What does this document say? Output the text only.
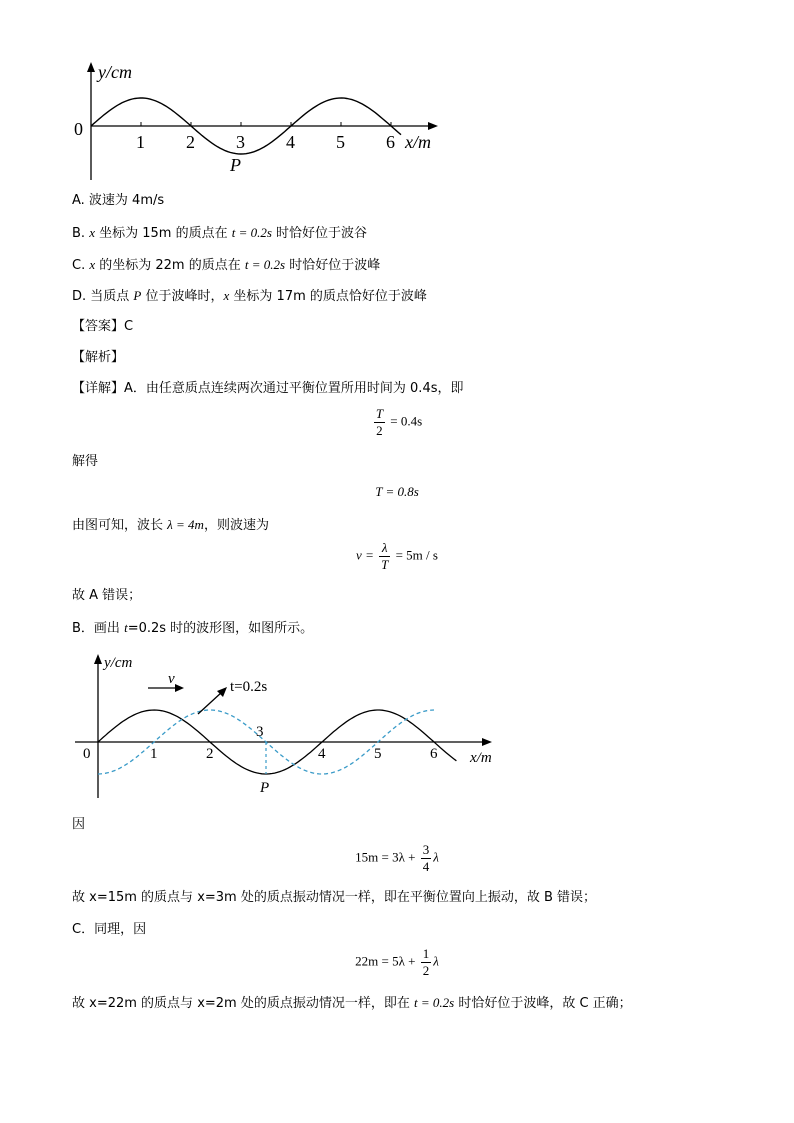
y/cm
0
1 2 3 4 5 6 x/m
P
A. 波速为 4m/s
B. x 坐标为 15m 的质点在 t = 0.2s 时恰好位于波谷
C. x 的坐标为 22m 的质点在 t = 0.2s 时恰好位于波峰
D. 当质点 P 位于波峰时，x 坐标为 17m 的质点恰好位于波峰
【答案】C
【解析】
【详解】A．由任意质点连续两次通过平衡位置所用时间为 0.4s，即
$\frac{T}{2} = 0.4s$
解得
T = 0.8s
由图可知，波长 λ = 4m，则波速为
$v = \frac{\lambda}{T} = 5m / s$
故 A 错误；
B．画出 t=0.2s 时的波形图，如图所示。
v	t=0.2s
y/cm
0	1	2
3
4	5	6 x/m
P
因
$15m = 3\lambda + \frac{3}{4}$ λ
故 x=15m 的质点与 x=3m 处的质点振动情况一样，即在平衡位置向上振动，故 B 错误；
C．同理，因
$22m = 5\lambda + \frac{1}{2}$ λ
故 x=22m 的质点与 x=2m 处的质点振动情况一样，即在 t = 0.2s 时恰好位于波峰，故 C 正确；
